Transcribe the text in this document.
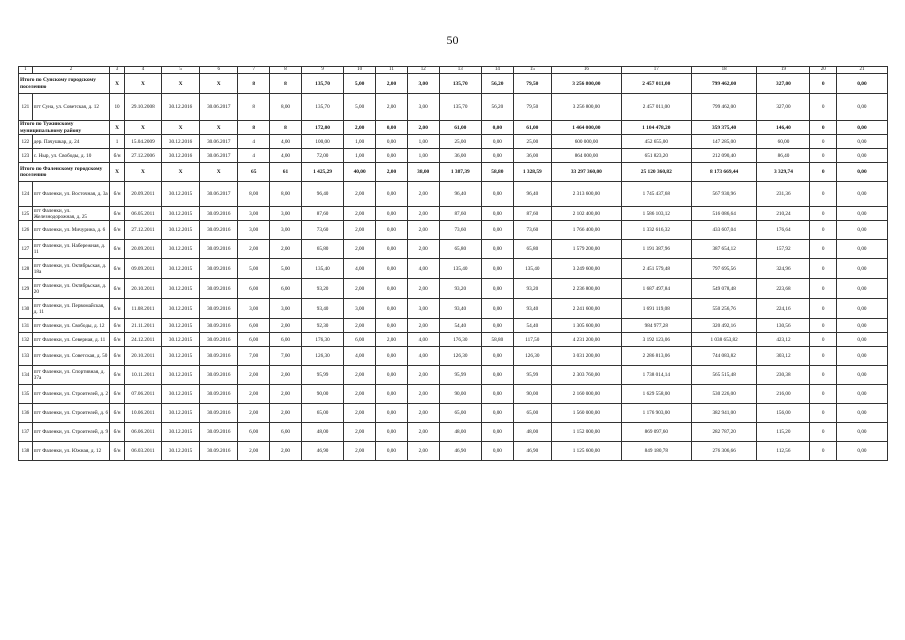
50
1	2	3	4	5	6	7	8	9	10	11	12	13	14	15	16	17	18	19	20	21
Итого по Сунскому городскому поселению		X	X	X	X	8	8	135,70	5,00	2,00	3,00	135,70	56,20	79,50	3 256 800,00	2 457 011,00	799 462,00	327,00	0	0,00
121	пгт Суна, ул. Советская, д. 12	10	29.10.2008	30.12.2016	30.06.2017	8	8,00	135,70	5,00	2,00	3,00	135,70	56,20	79,50	3 256 800,00	2 457 011,00	799 462,00	327,00	0	0,00
Итого по Тужинскому муниципальному району		X	X	X	X	8	8	172,00	2,00	0,00	2,00	61,00	0,00	61,00	1 464 000,00	1 104 478,20	359 375,40	146,40	0	0,00
122	дер. Пачушкар, д. 24	1	15.04.2009	30.12.2016	30.06.2017	4	4,00	100,00	1,00	0,00	1,00	25,00	0,00	25,00	600 000,00	452 655,00	147 285,00	60,00	0	0,00
123	с. Ныр, ул. Свободы, д. 10	б/н	27.12.2006	30.12.2016	30.06.2017	4	4,00	72,00	1,00	0,00	1,00	36,00	0,00	36,00	864 000,00	651 823,20	212 090,40	86,40	0	0,00
Итого по Фаленскому городскому поселению		X	X	X	X	65	61	1 425,29	40,00	2,00	38,00	1 387,39	58,80	1 328,59	33 297 360,00	25 120 360,82	8 173 669,44	3 329,74	0	0,00
124	пгт Фаленки, ул. Восточная, д. 3а	б/н	20.09.2011	30.12.2015	30.06.2017	8,00	8,00	96,40	2,00	0,00	2,00	96,40	0,00	96,40	2 313 600,00	1 745 437,68	567 930,96	231,36	0	0,00
125	пгт Фаленки, ул. Железнодорожная, д. 25	б/н	06.05.2011	30.12.2015	30.09.2016	3,00	3,00	87,60	2,00	0,00	2,00	87,60	0,00	87,60	2 102 400,00	1 586 103,12	516 086,64	210,24	0	0,00
126	пгт Фаленки, ул. Мичурина, д. 6	б/н	27.12.2011	30.12.2015	30.09.2016	3,00	3,00	73,60	2,00	0,00	2,00	73,60	0,00	73,60	1 766 400,00	1 332 616,32	433 607,04	176,64	0	0,00
127	пгт Фаленки, ул. Набережная, д. 11	б/н	20.09.2011	30.12.2015	30.09.2016	2,00	2,00	65,80	2,00	0,00	2,00	65,80	0,00	65,80	1 579 200,00	1 191 387,96	387 654,12	157,92	0	0,00
128	пгт Фаленки, ул. Октябрьская, д. 18а	б/н	09.09.2011	30.12.2015	30.09.2016	5,00	5,00	135,40	4,00	0,00	4,00	135,40	0,00	135,40	3 249 600,00	2 451 579,48	797 695,56	324,96	0	0,00
129	пгт Фаленки, ул. Октябрьская, д. 20	б/н	20.10.2011	30.12.2015	30.09.2016	6,00	6,00	93,20	2,00	0,00	2,00	93,20	0,00	93,20	2 236 800,00	1 687 497,84	549 078,48	223,68	0	0,00
130	пгт Фаленки, ул. Первомайская, д. 11	б/н	11.08.2011	30.12.2015	30.09.2016	3,00	3,00	93,40	3,00	0,00	3,00	93,40	0,00	93,40	2 241 600,00	1 691 119,08	550 256,76	224,16	0	0,00
131	пгт Фаленки, ул. Свободы, д. 12	б/н	21.11.2011	30.12.2015	30.09.2016	6,00	2,00	92,30	2,00	0,00	2,00	54,40	0,00	54,40	1 305 600,00	984 977,28	320 492,16	130,56	0	0,00
132	пгт Фаленки, ул. Северная, д. 11	б/н	24.12.2011	30.12.2015	30.09.2016	6,00	6,00	176,30	6,00	2,00	4,00	176,30	58,80	117,50	4 231 200,00	3 192 123,06	1 038 653,82	423,12	0	0,00
133	пгт Фаленки, ул. Советская, д. 50	б/н	20.10.2011	30.12.2015	30.09.2016	7,00	7,00	126,30	4,00	0,00	4,00	126,30	0,00	126,30	3 031 200,00	2 286 813,06	744 083,82	303,12	0	0,00
134	пгт Фаленки, ул. Спортивная, д. 37а	б/н	10.11.2011	30.12.2015	30.09.2016	2,00	2,00	95,99	2,00	0,00	2,00	95,99	0,00	95,99	2 303 760,00	1 738 014,14	565 515,48	230,38	0	0,00
135	пгт Фаленки, ул. Строителей, д. 2	б/н	07.06.2011	30.12.2015	30.09.2016	2,00	2,00	90,00	2,00	0,00	2,00	90,00	0,00	90,00	2 160 000,00	1 629 558,00	530 226,00	216,00	0	0,00
136	пгт Фаленки, ул. Строителей, д. 6	б/н	10.06.2011	30.12.2015	30.09.2016	2,00	2,00	65,00	2,00	0,00	2,00	65,00	0,00	65,00	1 560 000,00	1 176 903,00	382 941,00	156,00	0	0,00
137	пгт Фаленки, ул. Строителей, д. 9	б/н	06.06.2011	30.12.2015	30.09.2016	6,00	6,00	48,00	2,00	0,00	2,00	48,00	0,00	48,00	1 152 000,00	869 097,60	282 787,20	115,20	0	0,00
138	пгт Фаленки, ул. Южная, д. 12	б/н	06.03.2011	30.12.2015	30.09.2016	2,00	2,00	46,90	2,00	0,00	2,00	46,90	0,00	46,90	1 125 600,00	849 180,78	276 306,66	112,56	0	0,00
